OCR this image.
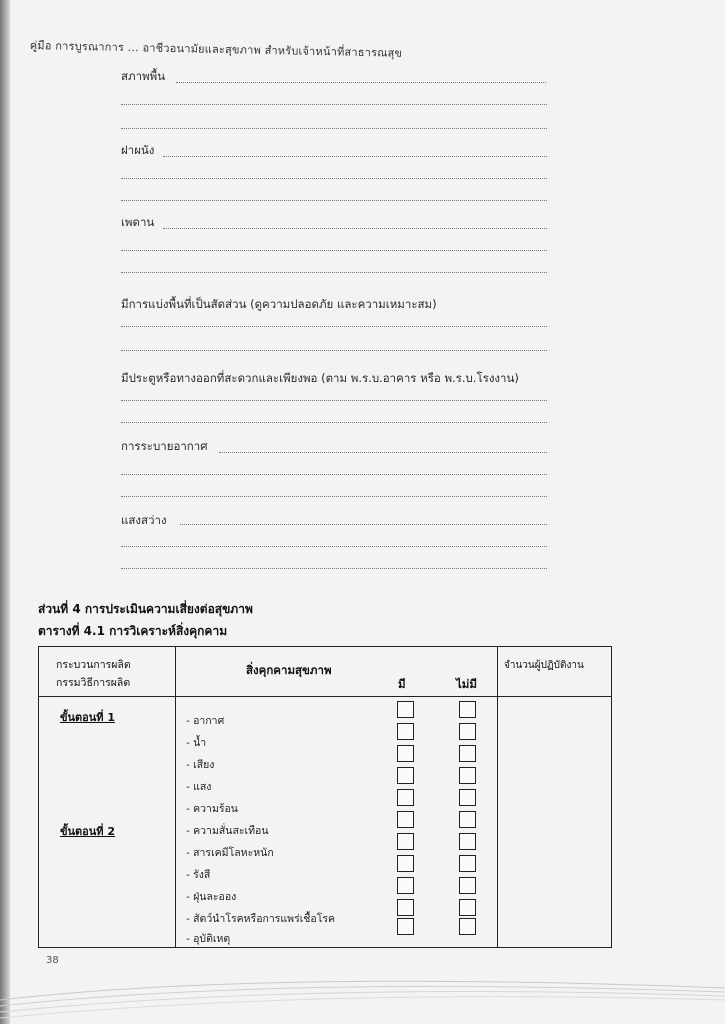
คู่มือ การบูรณาการ ... อาชีวอนามัยและสุขภาพ สำหรับเจ้าหน้าที่สาธารณสุข
สภาพพื้น
ฝาผนัง
เพดาน
มีการแบ่งพื้นที่เป็นสัดส่วน (ดูความปลอดภัย และความเหมาะสม)
มีประตูหรือทางออกที่สะดวกและเพียงพอ (ตาม พ.ร.บ.อาคาร หรือ พ.ร.บ.โรงงาน)
การระบายอากาศ
แสงสว่าง
ส่วนที่ 4 การประเมินความเสี่ยงต่อสุขภาพ
ตารางที่ 4.1 การวิเคราะห์สิ่งคุกคาม
กระบวนการผลิต
กรรมวิธีการผลิต
สิ่งคุกคามสุขภาพ
มี	ไม่มี
จำนวนผู้ปฏิบัติงาน
ขั้นตอนที่ 1
ขั้นตอนที่ 2
- อากาศ
- น้ำ
- เสียง
- แสง
- ความร้อน
- ความสั่นสะเทือน
- สารเคมีโลหะหนัก
- รังสี
- ฝุ่นละออง
- สัตว์นำโรคหรือการแพร่เชื้อโรค
- อุบัติเหตุ
38
